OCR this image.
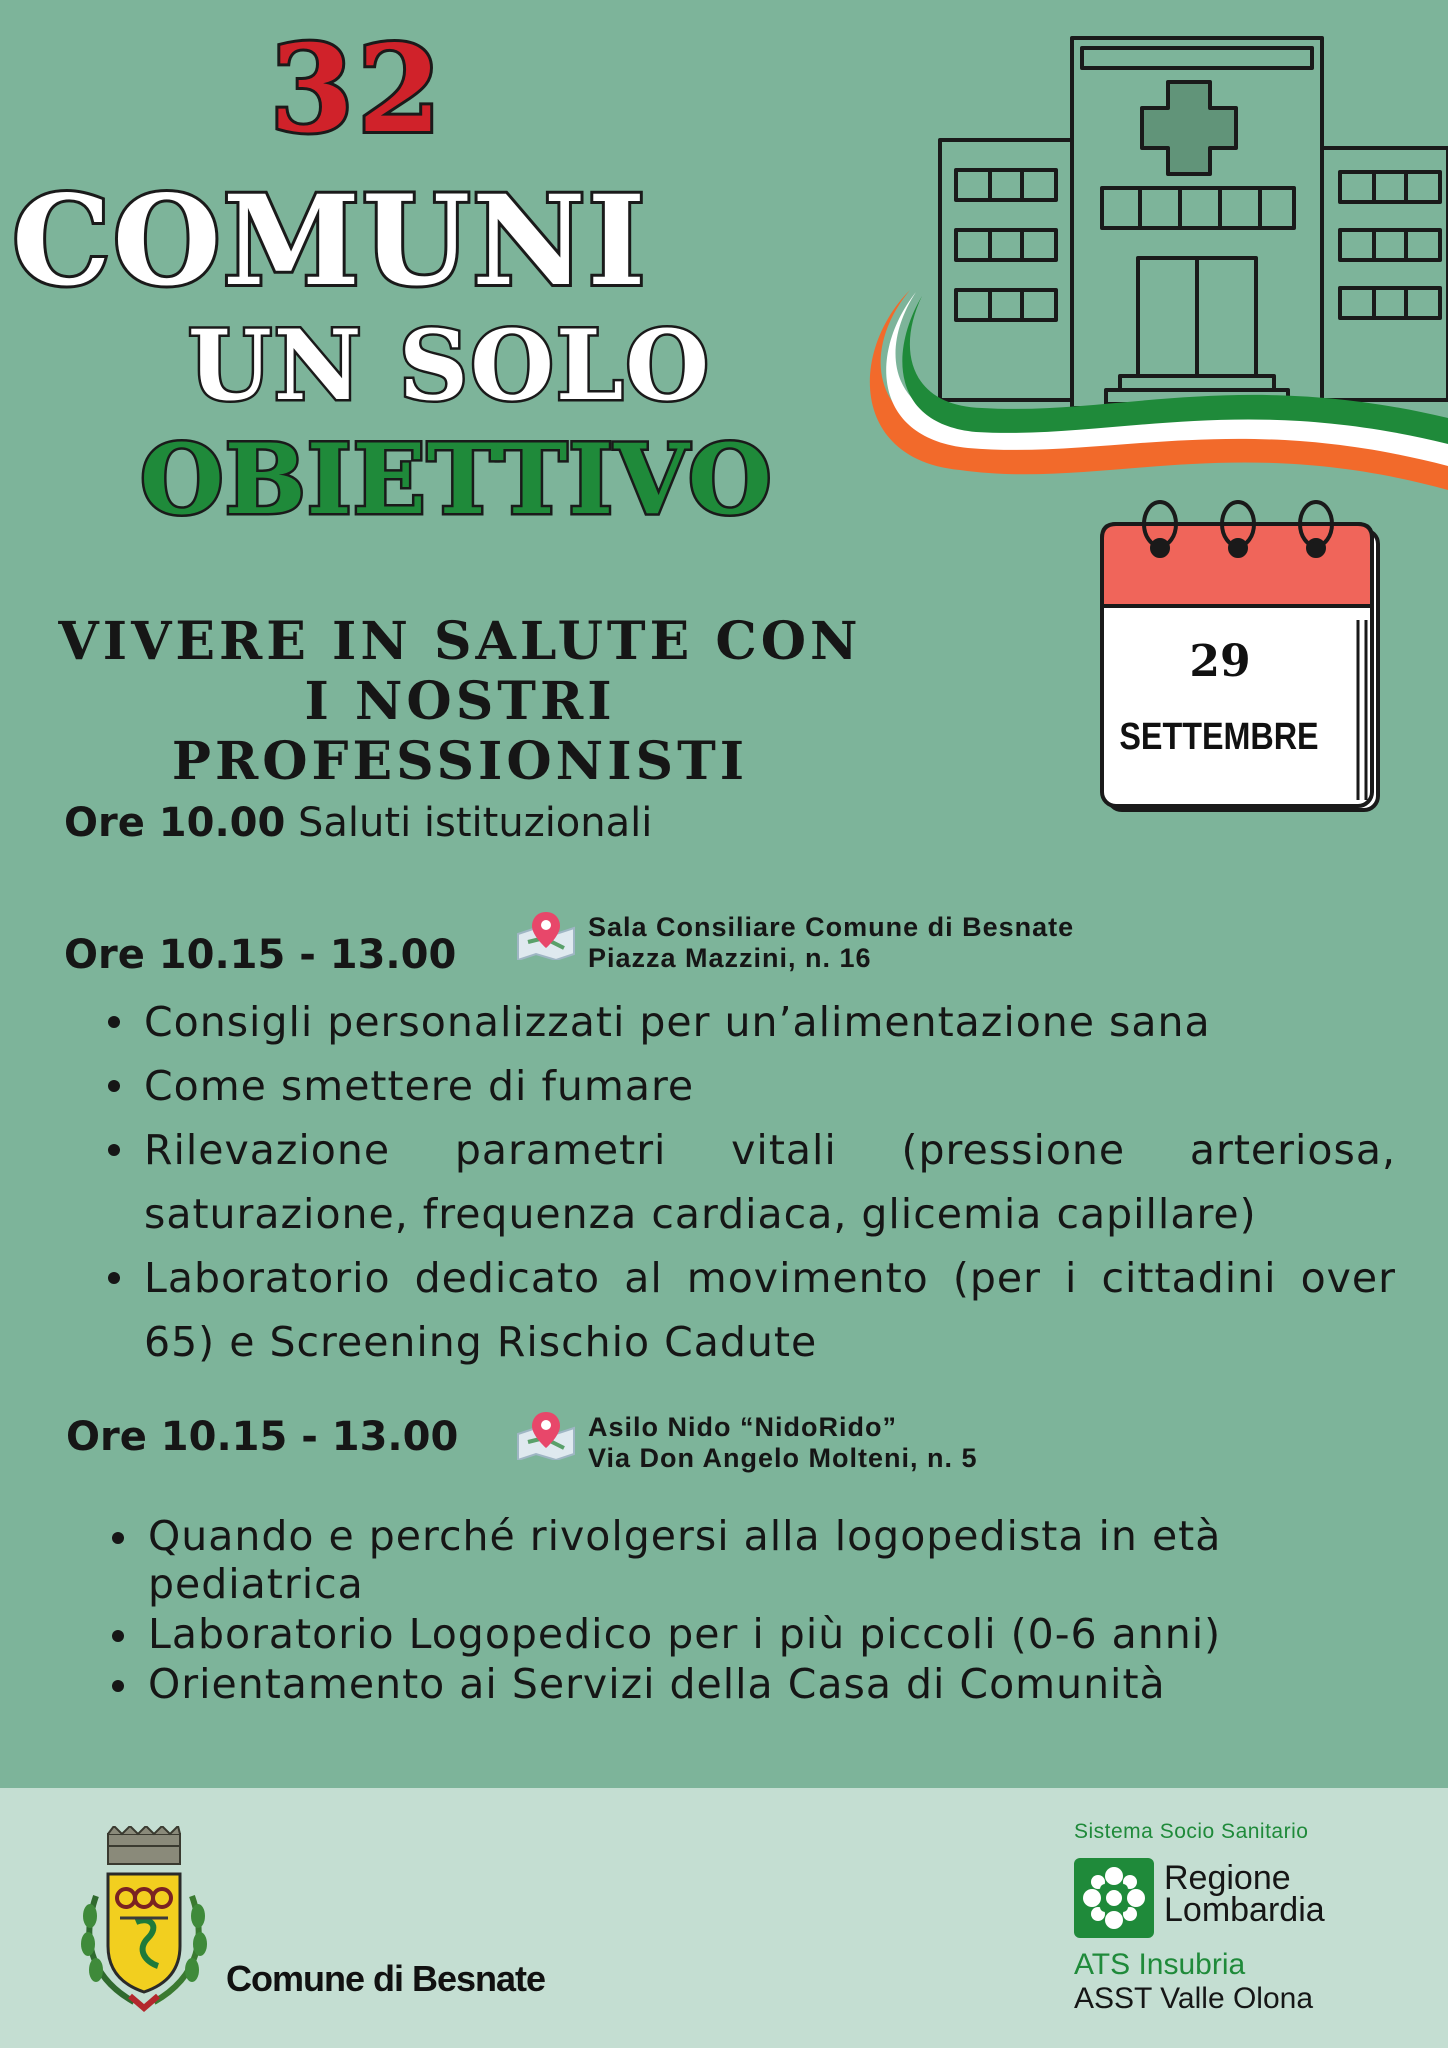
29
SETTEMBRE
32
COMUNI
UN SOLO
OBIETTIVO
VIVERE IN SALUTE CON
I NOSTRI PROFESSIONISTI
Ore 10.00 Saluti istituzionali
Ore 10.15 - 13.00
Sala Consiliare Comune di Besnate
Piazza Mazzini, n. 16
Consigli personalizzati per un’alimentazione sana
Come smettere di fumare
Rilevazione parametri vitali (pressione arteriosa, saturazione, frequenza cardiaca, glicemia capillare)
Laboratorio dedicato al movimento (per i cittadini over 65) e Screening Rischio Cadute
Ore 10.15 - 13.00	Asilo Nido “NidoRido”
Via Don Angelo Molteni, n. 5
Quando e perché rivolgersi alla logopedista in età pediatrica
Laboratorio Logopedico per i più piccoli (0-6 anni)
Orientamento ai Servizi della Casa di Comunità
Comune di Besnate
Sistema Socio Sanitario
Regione
Lombardia
ATS Insubria
ASST Valle Olona
